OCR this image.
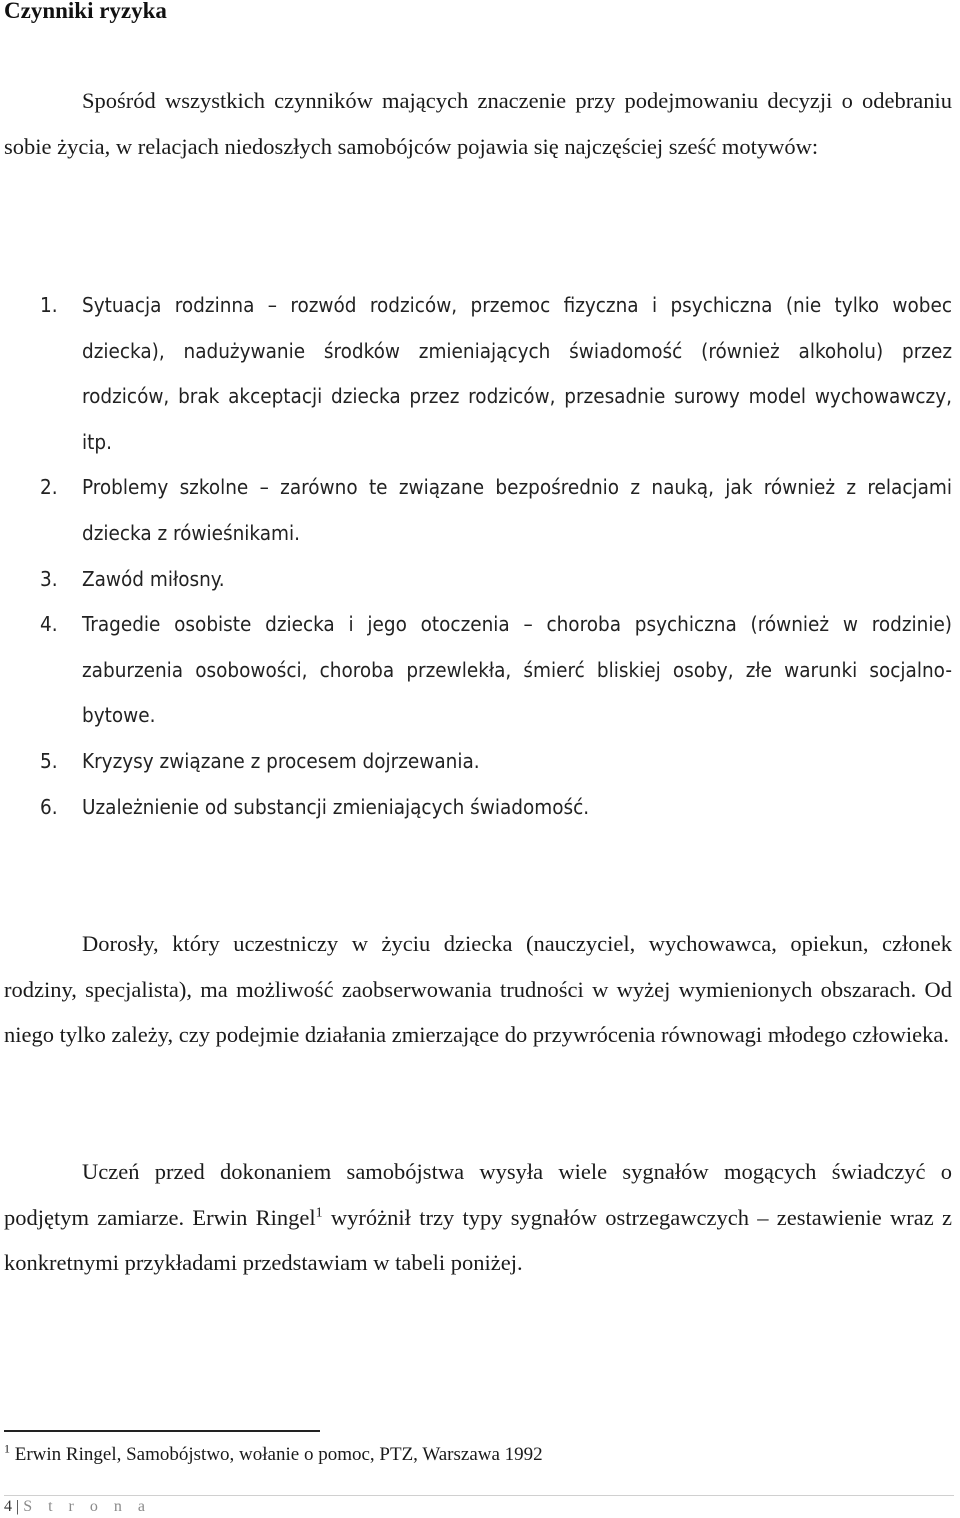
Czynniki ryzyka

Spośród wszystkich czynników mających znaczenie przy podejmowaniu decyzji o odebraniu sobie życia, w relacjach niedoszłych samobójców pojawia się najczęściej sześć motywów:

1. Sytuacja rodzinna – rozwód rodziców, przemoc fizyczna i psychiczna (nie tylko wobec dziecka), nadużywanie środków zmieniających świadomość (również alkoholu) przez rodziców, brak akceptacji dziecka przez rodziców, przesadnie surowy model wychowawczy, itp.
2. Problemy szkolne – zarówno te związane bezpośrednio z nauką, jak również z relacjami dziecka z rówieśnikami.
3. Zawód miłosny.
4. Tragedie osobiste dziecka i jego otoczenia – choroba psychiczna (również w rodzinie) zaburzenia osobowości, choroba przewlekła, śmierć bliskiej osoby, złe warunki socjalno-bytowe.
5. Kryzysy związane z procesem dojrzewania.
6. Uzależnienie od substancji zmieniających świadomość.

Dorosły, który uczestniczy w życiu dziecka (nauczyciel, wychowawca, opiekun, członek rodziny, specjalista), ma możliwość zaobserwowania trudności w wyżej wymienionych obszarach. Od niego tylko zależy, czy podejmie działania zmierzające do przywrócenia równowagi młodego człowieka.

Uczeń przed dokonaniem samobójstwa wysyła wiele sygnałów mogących świadczyć o podjętym zamiarze. Erwin Ringel$^1$ wyróżnił trzy typy sygnałów ostrzegawczych – zestawienie wraz z konkretnymi przykładami przedstawiam w tabeli poniżej.

$^1$ Erwin Ringel, Samobójstwo, wołanie o pomoc, PTZ, Warszawa 1992

4 | S t r o n a
